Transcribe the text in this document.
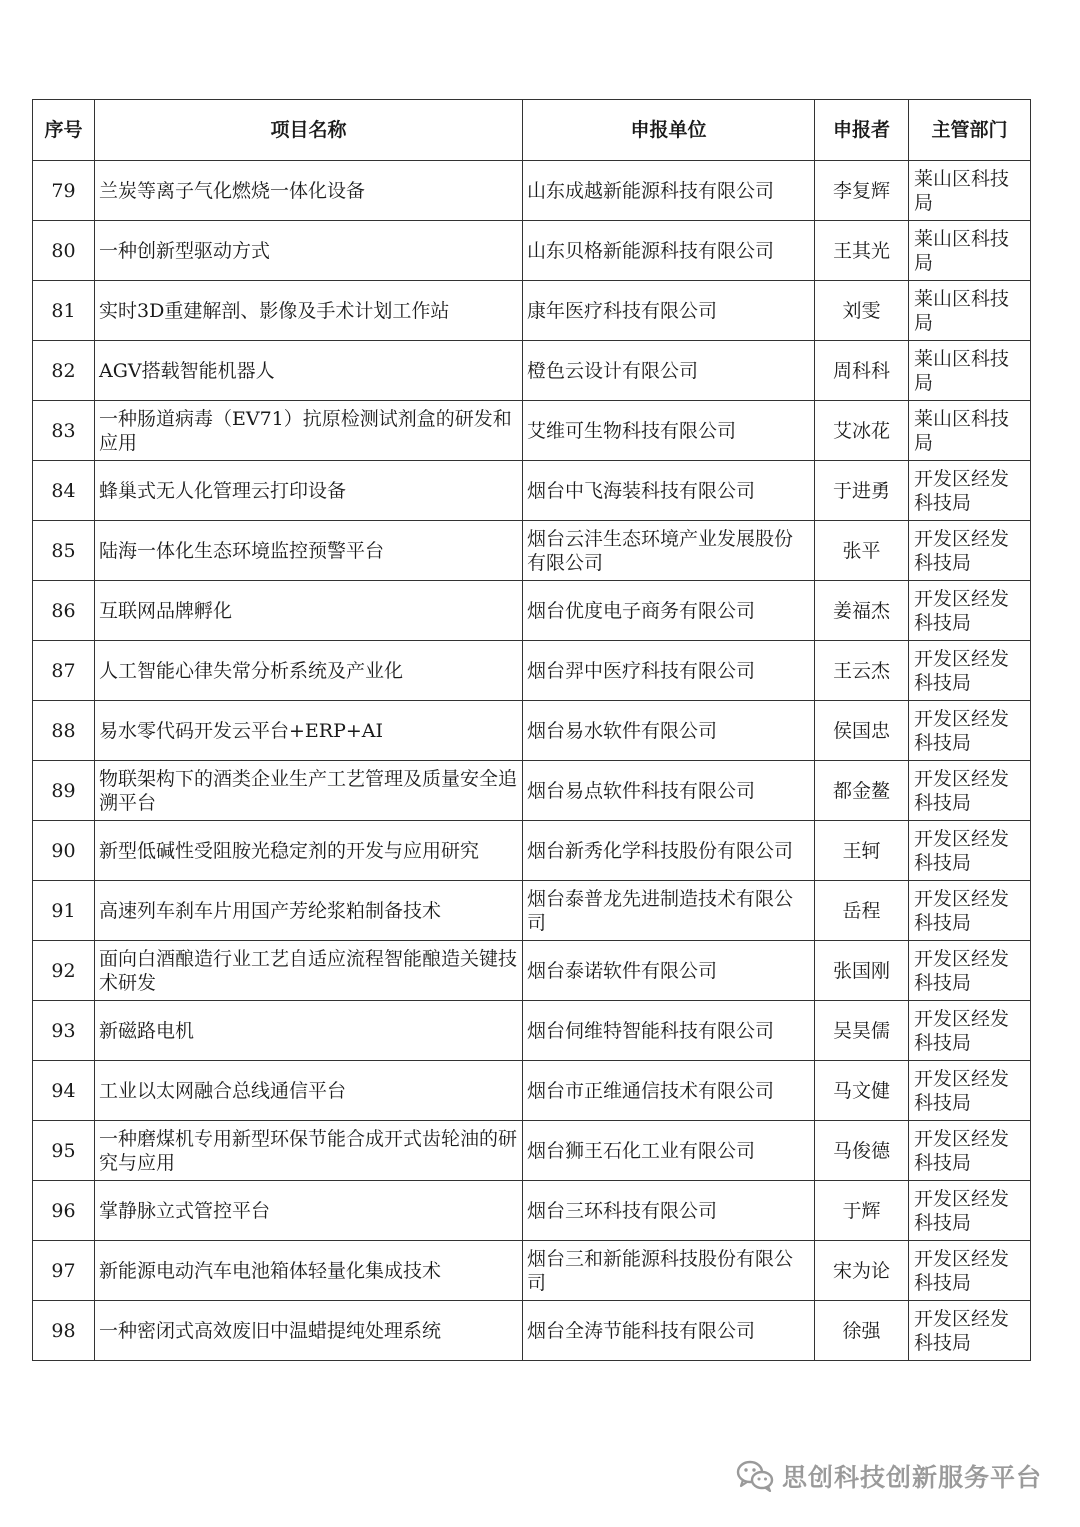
序号	项目名称	申报单位	申报者	主管部门
79	兰炭等离子气化燃烧一体化设备	山东成越新能源科技有限公司	李复辉	莱山区科技局
80	一种创新型驱动方式	山东贝格新能源科技有限公司	王其光	莱山区科技局
81	实时3D重建解剖、影像及手术计划工作站	康年医疗科技有限公司	刘雯	莱山区科技局
82	AGV搭载智能机器人	橙色云设计有限公司	周科科	莱山区科技局
83	一种肠道病毒（EV71）抗原检测试剂盒的研发和应用	艾维可生物科技有限公司	艾冰花	莱山区科技局
84	蜂巢式无人化管理云打印设备	烟台中飞海装科技有限公司	于进勇	开发区经发科技局
85	陆海一体化生态环境监控预警平台	烟台云沣生态环境产业发展股份有限公司	张平	开发区经发科技局
86	互联网品牌孵化	烟台优度电子商务有限公司	姜福杰	开发区经发科技局
87	人工智能心律失常分析系统及产业化	烟台羿中医疗科技有限公司	王云杰	开发区经发科技局
88	易水零代码开发云平台+ERP+AI	烟台易水软件有限公司	侯国忠	开发区经发科技局
89	物联架构下的酒类企业生产工艺管理及质量安全追溯平台	烟台易点软件科技有限公司	都金鳌	开发区经发科技局
90	新型低碱性受阻胺光稳定剂的开发与应用研究	烟台新秀化学科技股份有限公司	王轲	开发区经发科技局
91	高速列车刹车片用国产芳纶浆粕制备技术	烟台泰普龙先进制造技术有限公司	岳程	开发区经发科技局
92	面向白酒酿造行业工艺自适应流程智能酿造关键技术研发	烟台泰诺软件有限公司	张国刚	开发区经发科技局
93	新磁路电机	烟台伺维特智能科技有限公司	吴昊儒	开发区经发科技局
94	工业以太网融合总线通信平台	烟台市正维通信技术有限公司	马文健	开发区经发科技局
95	一种磨煤机专用新型环保节能合成开式齿轮油的研究与应用	烟台狮王石化工业有限公司	马俊德	开发区经发科技局
96	掌静脉立式管控平台	烟台三环科技有限公司	于辉	开发区经发科技局
97	新能源电动汽车电池箱体轻量化集成技术	烟台三和新能源科技股份有限公司	宋为论	开发区经发科技局
98	一种密闭式高效废旧中温蜡提纯处理系统	烟台全涛节能科技有限公司	徐强	开发区经发科技局
思创科技创新服务平台
